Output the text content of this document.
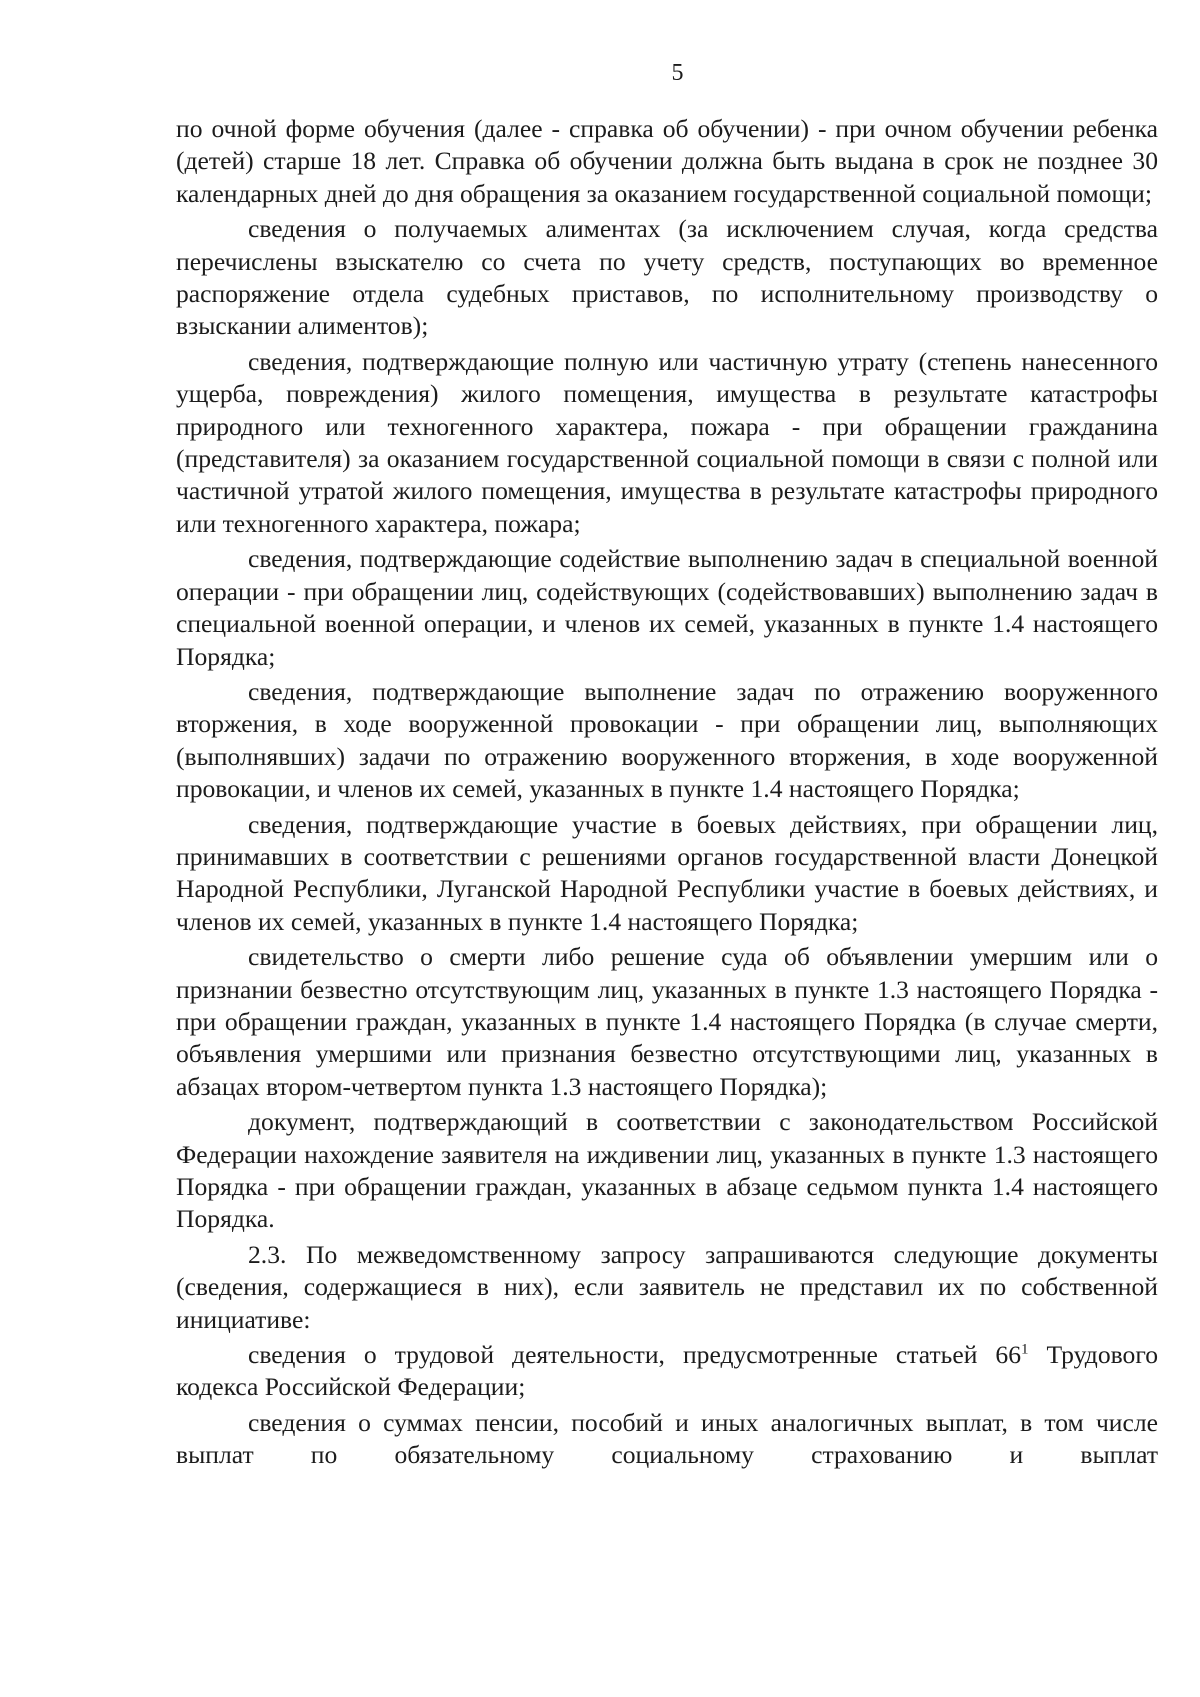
5

по очной форме обучения (далее - справка об обучении) - при очном обучении ребенка (детей) старше 18 лет. Справка об обучении должна быть выдана в срок не позднее 30 календарных дней до дня обращения за оказанием государственной социальной помощи;

сведения о получаемых алиментах (за исключением случая, когда средства перечислены взыскателю со счета по учету средств, поступающих во временное распоряжение отдела судебных приставов, по исполнительному производству о взыскании алиментов);

сведения, подтверждающие полную или частичную утрату (степень нанесенного ущерба, повреждения) жилого помещения, имущества в результате катастрофы природного или техногенного характера, пожара - при обращении гражданина (представителя) за оказанием государственной социальной помощи в связи с полной или частичной утратой жилого помещения, имущества в результате катастрофы природного или техногенного характера, пожара;

сведения, подтверждающие содействие выполнению задач в специальной военной операции - при обращении лиц, содействующих (содействовавших) выполнению задач в специальной военной операции, и членов их семей, указанных в пункте 1.4 настоящего Порядка;

сведения, подтверждающие выполнение задач по отражению вооруженного вторжения, в ходе вооруженной провокации - при обращении лиц, выполняющих (выполнявших) задачи по отражению вооруженного вторжения, в ходе вооруженной провокации, и членов их семей, указанных в пункте 1.4 настоящего Порядка;

сведения, подтверждающие участие в боевых действиях, при обращении лиц, принимавших в соответствии с решениями органов государственной власти Донецкой Народной Республики, Луганской Народной Республики участие в боевых действиях, и членов их семей, указанных в пункте 1.4 настоящего Порядка;

свидетельство о смерти либо решение суда об объявлении умершим или о признании безвестно отсутствующим лиц, указанных в пункте 1.3 настоящего Порядка - при обращении граждан, указанных в пункте 1.4 настоящего Порядка (в случае смерти, объявления умершими или признания безвестно отсутствующими лиц, указанных в абзацах втором-четвертом пункта 1.3 настоящего Порядка);

документ, подтверждающий в соответствии с законодательством Российской Федерации нахождение заявителя на иждивении лиц, указанных в пункте 1.3 настоящего Порядка - при обращении граждан, указанных в абзаце седьмом пункта 1.4 настоящего Порядка.

2.3. По межведомственному запросу запрашиваются следующие документы (сведения, содержащиеся в них), если заявитель не представил их по собственной инициативе:

сведения о трудовой деятельности, предусмотренные статьей $66^1$ Трудового кодекса Российской Федерации;

сведения о суммах пенсии, пособий и иных аналогичных выплат, в том числе выплат по обязательному социальному страхованию и выплат
